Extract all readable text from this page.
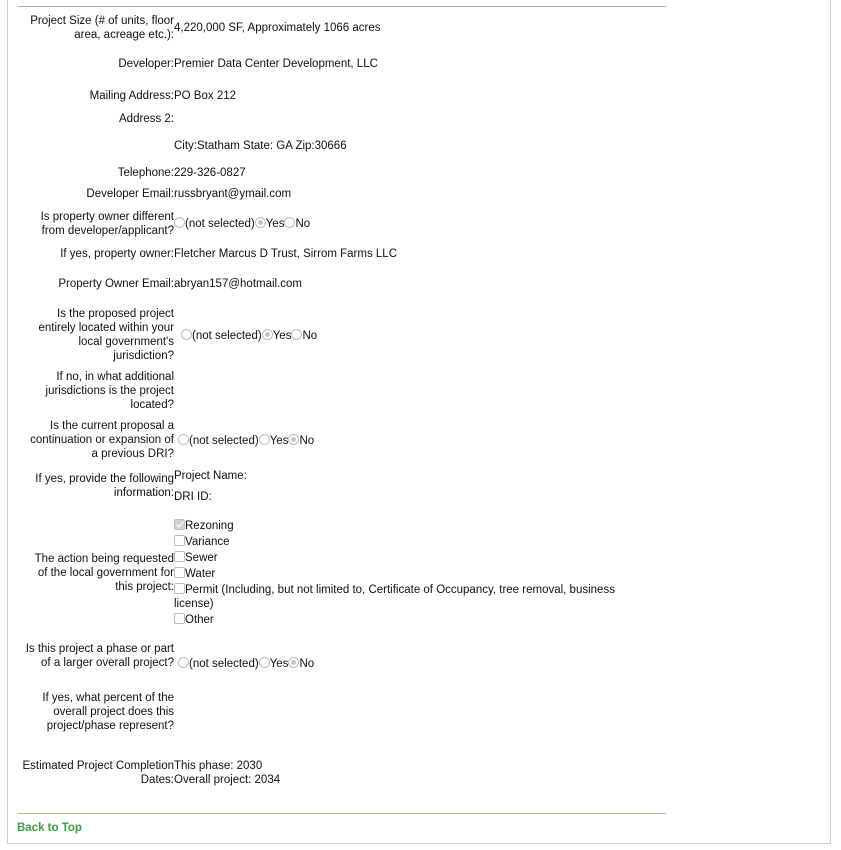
Project Size (# of units, floor area, acreage etc.):
4,220,000 SF, Approximately 1066 acres
Developer: Premier Data Center Development, LLC
Mailing Address: PO Box 212
Address 2:
City:Statham State: GA Zip:30666
Telephone: 229-326-0827
Developer Email: russbryant@ymail.com
Is property owner different from developer/applicant?
(not selected) Yes No
If yes, property owner: Fletcher Marcus D Trust, Sirrom Farms LLC
Property Owner Email: abryan157@hotmail.com
Is the proposed project entirely located within your local government's jurisdiction?
(not selected) Yes No
If no, in what additional jurisdictions is the project located?
Is the current proposal a continuation or expansion of a previous DRI?
(not selected) Yes No
If yes, provide the following information:
Project Name:
DRI ID:
The action being requested of the local government for this project:
Rezoning
Variance
Sewer
Water
Permit (Including, but not limited to, Certificate of Occupancy, tree removal, business license)
Other
Is this project a phase or part of a larger overall project?	(not selected) Yes No
If yes, what percent of the overall project does this project/phase represent?
Estimated Project Completion Dates:
This phase: 2030
Overall project: 2034
Back to Top
